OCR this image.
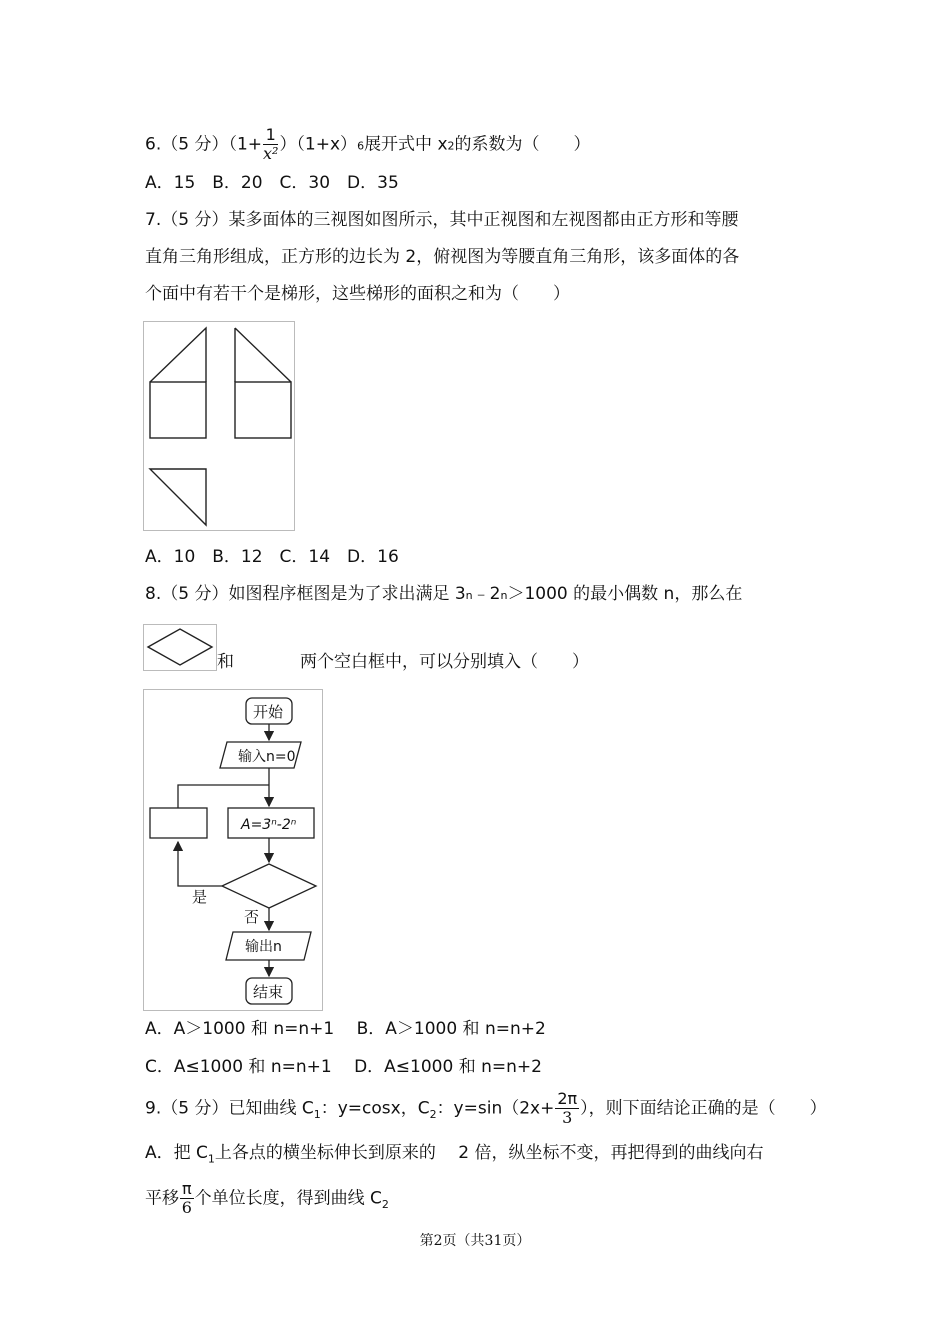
6.（5 分）$(1+ \frac{1}{\text{x²}} )(1+x)6$展开式中 x2的系数为（　　）
A．15　B．20　C．30　D．35
7.（5 分）某多面体的三视图如图所示，其中正视图和左视图都由正方形和等腰
直角三角形组成，正方形的边长为 2，俯视图为等腰直角三角形，该多面体的各
个面中有若干个是梯形，这些梯形的面积之和为（　　）
A．10　B．12　C．14　D．16
8.（5 分）如图程序框图是为了求出满足 3n﹣2n＞1000 的最小偶数 n，那么在
和	两个空白框中，可以分别填入（　　）
开始
输入n=0
A=3ⁿ-2ⁿ
是
否
输出n
结束
A．A＞1000 和 n=n+1　 B．A＞1000 和 n=n+2
C．A≤1000 和 n=n+1　 D．A≤1000 和 n=n+2
9.（5 分）已知曲线 $C_1$：y=cosx，$C_2$：$y=\sin(2x+ \frac{2\pi}{3}$ ），则下面结论正确的是（　　）
A．把 $C_1$上各点的横坐标伸长到原来的　 2 倍，纵坐标不变，再把得到的曲线向右
平移 $\frac{\pi}{6}$ 个单位长度，得到曲线 $C_2$
第2页（共31页）
